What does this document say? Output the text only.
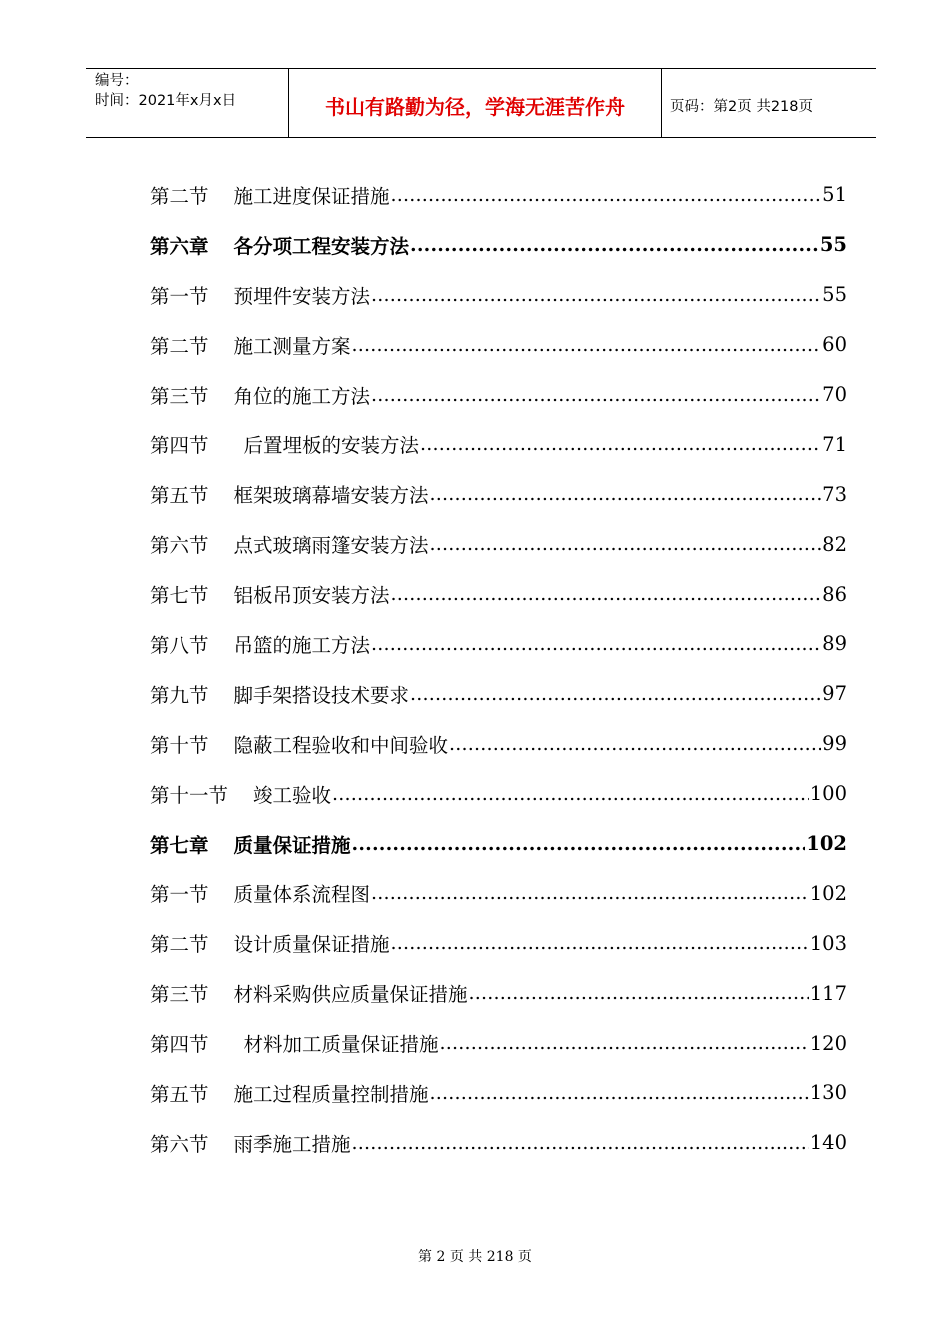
编号：
时间：2021年x月x日	书山有路勤为径，学海无涯苦作舟	页码：第2页 共218页
第二节 施工进度保证措施 .....	51
第六章 各分项工程安装方法 .....	55
第一节 预埋件安装方法 .....	55
第二节 施工测量方案 .....	60
第三节 角位的施工方法 .....	70
第四节 后置埋板的安装方法 .....	71
第五节 框架玻璃幕墙安装方法 .....	73
第六节 点式玻璃雨篷安装方法 .....	82
第七节 铝板吊顶安装方法 .....	86
第八节 吊篮的施工方法 .....	89
第九节 脚手架搭设技术要求 .....	97
第十节 隐蔽工程验收和中间验收 .....	99
第十一节 竣工验收 .....	100
第七章 质量保证措施 .....	102
第一节 质量体系流程图 .....	102
第二节 设计质量保证措施 .....	103
第三节 材料采购供应质量保证措施 .....	117
第四节 材料加工质量保证措施 .....	120
第五节 施工过程质量控制措施 .....	130
第六节 雨季施工措施 .....	140
第 2 页 共 218 页
